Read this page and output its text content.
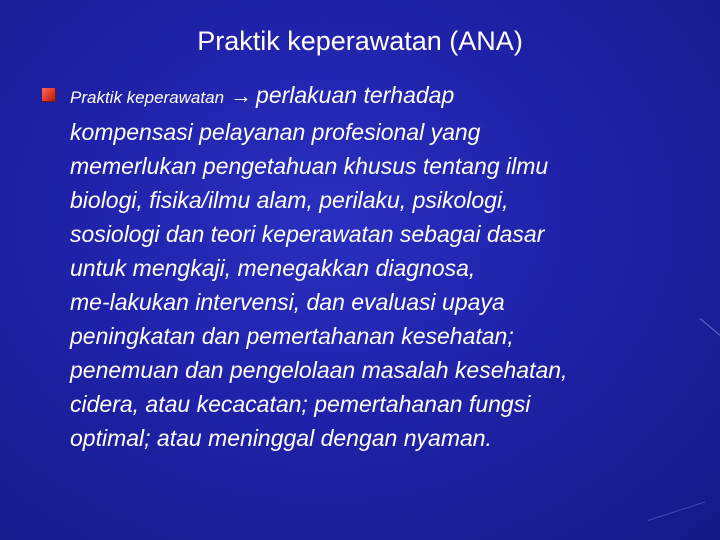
Praktik keperawatan (ANA)
Praktik keperawatan → perlakuan terhadap
kompensasi pelayanan profesional yang
memerlukan pengetahuan khusus tentang ilmu
biologi, fisika/ilmu alam, perilaku, psikologi,
sosiologi dan teori keperawatan sebagai dasar
untuk mengkaji, menegakkan diagnosa,
me-lakukan intervensi, dan evaluasi upaya
peningkatan dan pemertahanan kesehatan;
penemuan dan pengelolaan masalah kesehatan,
cidera, atau kecacatan; pemertahanan fungsi
optimal; atau meninggal dengan nyaman.
